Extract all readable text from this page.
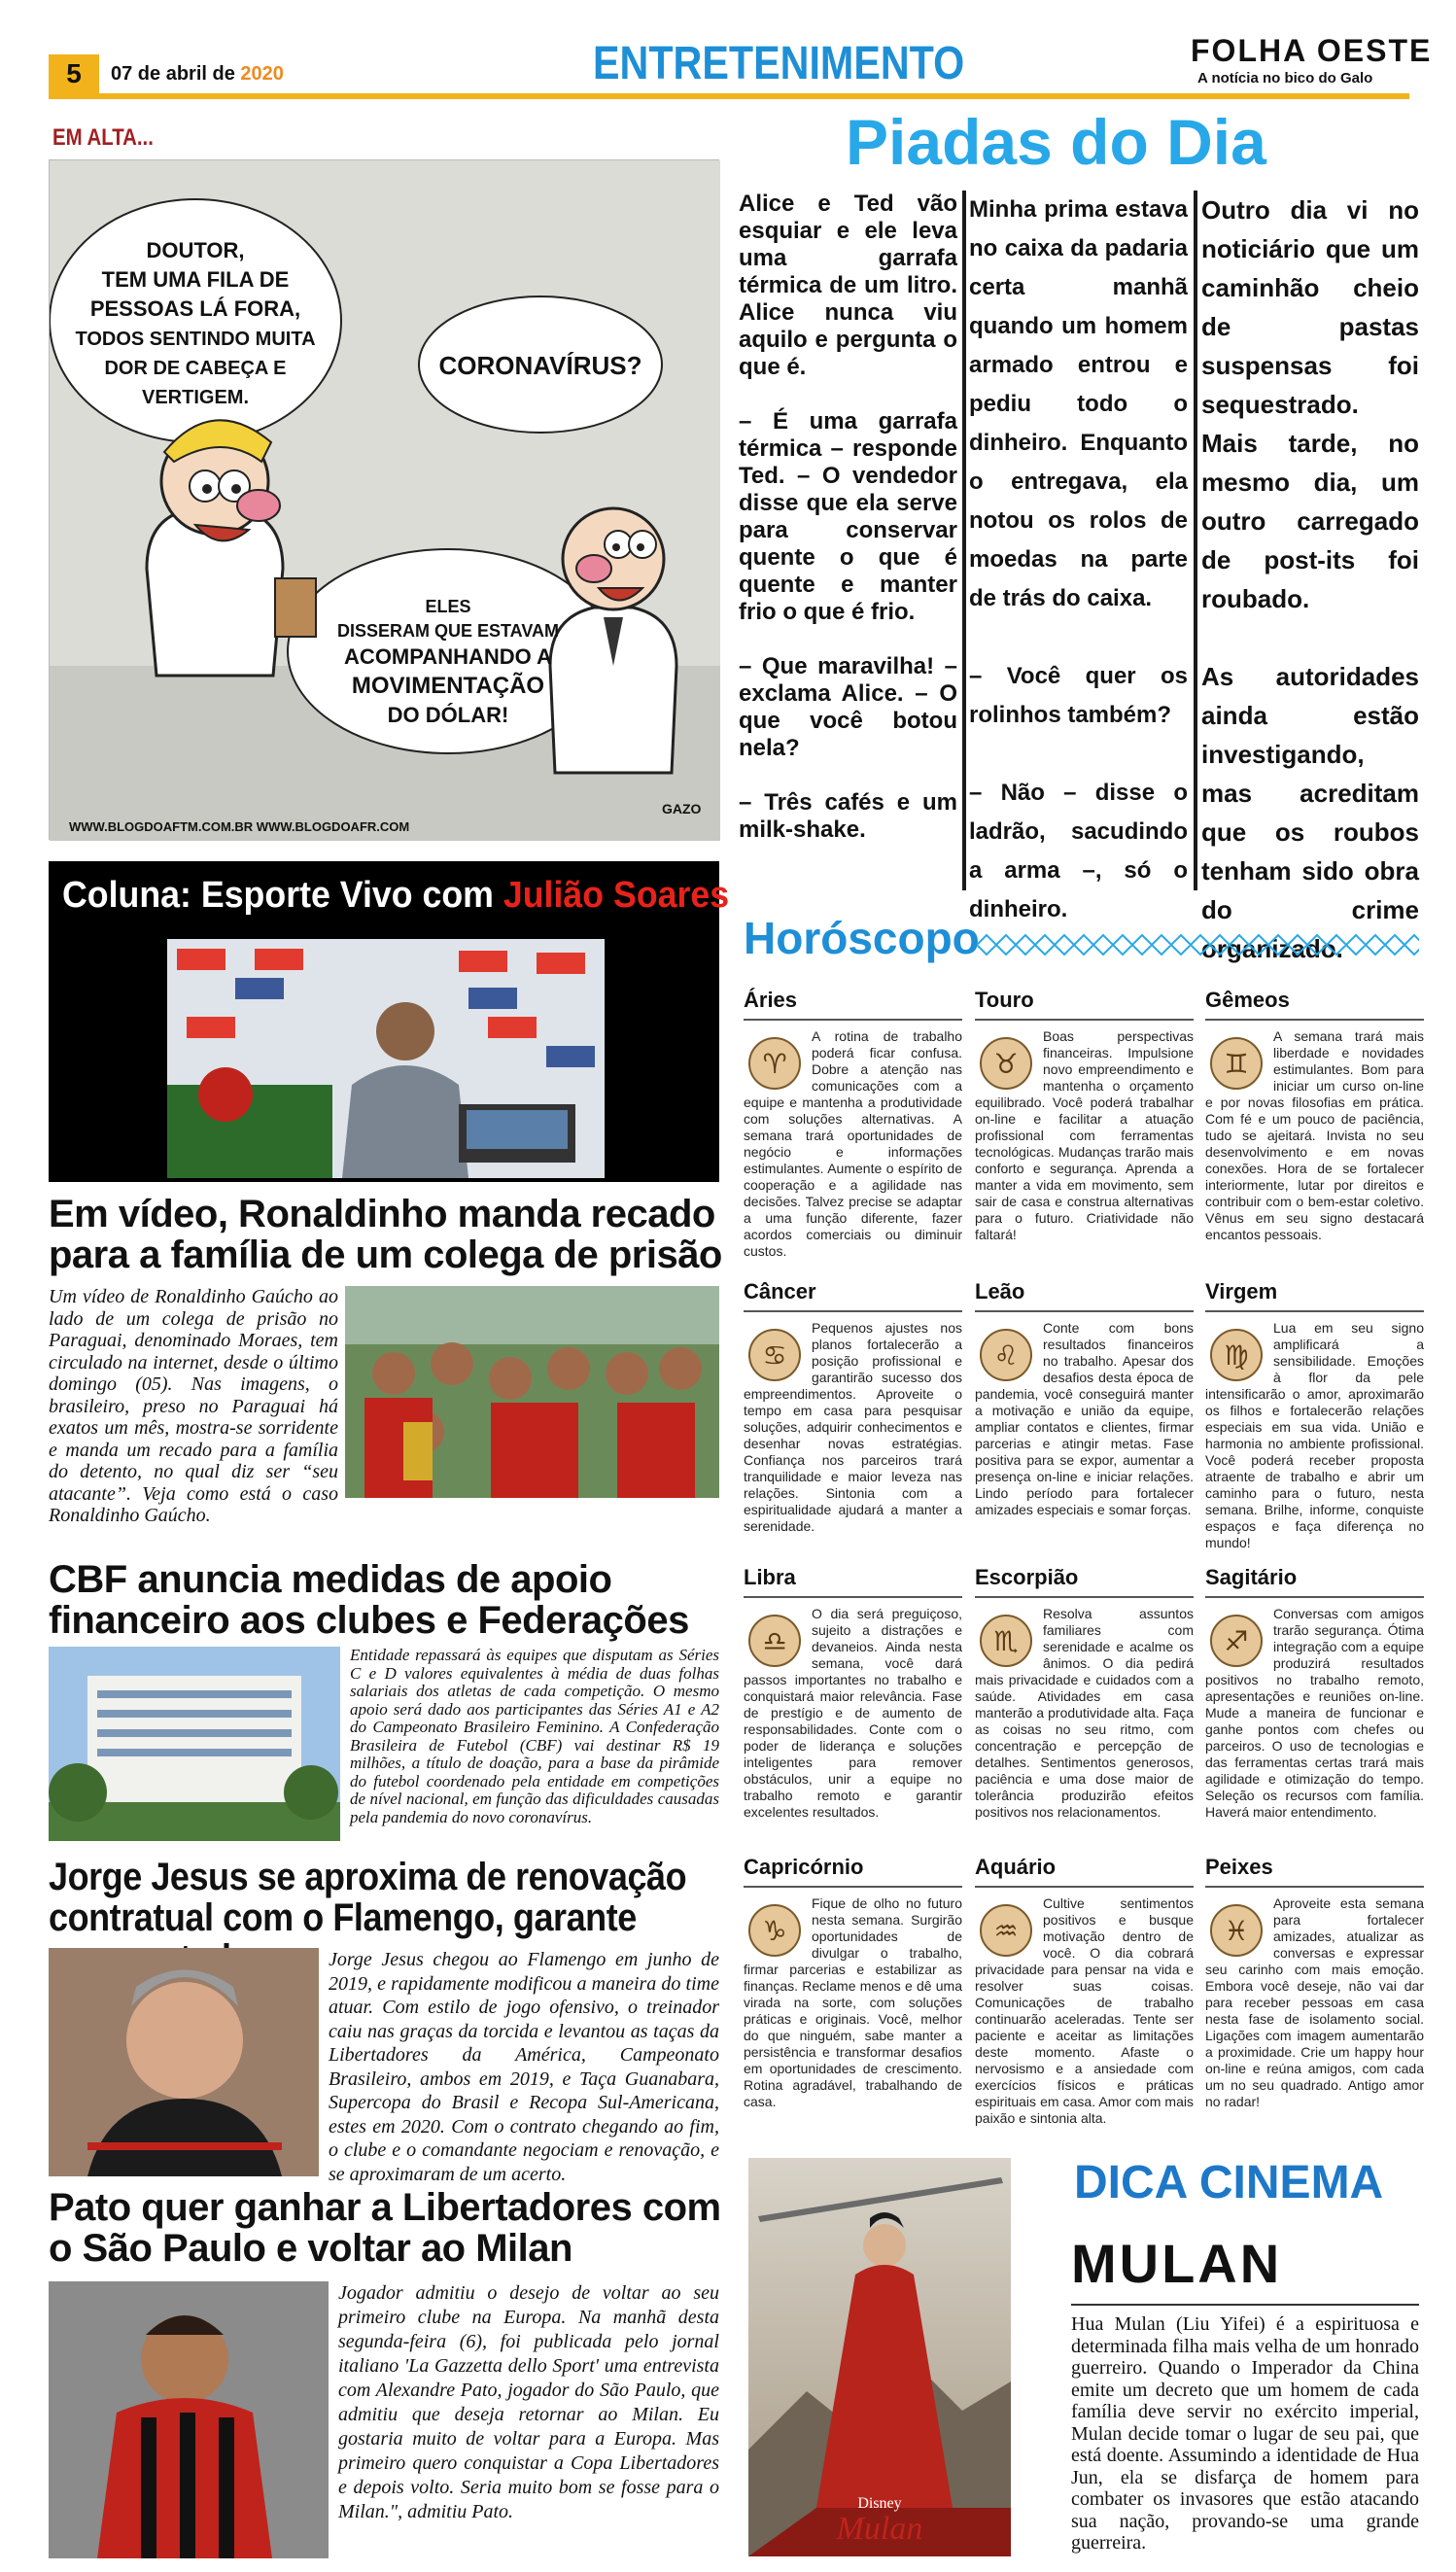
5	07 de abril de 2020	ENTRETENIMENTO	FOLHA OESTE
A notícia no bico do Galo
EM ALTA...
DOUTOR,
TEM UMA FILA DE
PESSOAS LÁ FORA,
TODOS SENTINDO MUITA
DOR DE CABEÇA E
VERTIGEM.
CORONAVÍRUS?
ELES
DISSERAM QUE ESTAVAM
ACOMPANHANDO A
MOVIMENTAÇÃO
DO DÓLAR!
WWW.BLOGDOAFTM.COM.BR WWW.BLOGDOAFR.COM
GAZO
Piadas do Dia

Alice e Ted vão esquiar e ele leva uma garrafa térmica de um litro. Alice nunca viu aquilo e pergunta o que é.

– É uma garrafa térmica – responde Ted. – O vendedor disse que ela serve para conservar quente o que é quente e manter frio o que é frio.

– Que maravilha! – exclama Alice. – O que você botou nela?

– Três cafés e um milk-shake.

Minha prima estava no caixa da padaria certa manhã quando um homem armado entrou e pediu todo o dinheiro. Enquanto o entregava, ela notou os rolos de moedas na parte de trás do caixa.

– Você quer os rolinhos também?

– Não – disse o ladrão, sacudindo a arma –, só o dinheiro.

Outro dia vi no noticiário que um caminhão cheio de pastas suspensas foi sequestrado. Mais tarde, no mesmo dia, um outro carregado de post-its foi roubado.

As autoridades ainda estão investigando, mas acreditam que os roubos tenham sido obra do crime organizado.

Coluna: Esporte Vivo com Julião Soares
Em vídeo, Ronaldinho manda recado para a família de um colega de prisão
Um vídeo de Ronaldinho Gaúcho ao lado de um colega de prisão no Paraguai, denominado Moraes, tem circulado na internet, desde o último domingo (05). Nas imagens, o brasileiro, preso no Paraguai há exatos um mês, mostra-se sorridente e manda um recado para a família do detento, no qual diz ser “seu atacante”. Veja como está o caso Ronaldinho Gaúcho.
CBF anuncia medidas de apoio financeiro aos clubes e Federações
Entidade repassará às equipes que disputam as Séries C e D valores equivalentes à média de duas folhas salariais dos atletas de cada competição. O mesmo apoio será dado aos participantes das Séries A1 e A2 do Campeonato Brasileiro Feminino. A Confederação Brasileira de Futebol (CBF) vai destinar R$ 19 milhões, a título de doação, para a base da pirâmide do futebol coordenado pela entidade em competições de nível nacional, em função das dificuldades causadas pela pandemia do novo coronavírus.
Jorge Jesus se aproxima de renovação contratual com o Flamengo, garante
Jorge Jesus chegou ao Flamengo em junho de 2019, e rapidamente modificou a maneira do time atuar. Com estilo de jogo ofensivo, o treinador caiu nas graças da torcida e levantou as taças da Libertadores da América, Campeonato Brasileiro, ambos em 2019, e Taça Guanabara, Supercopa do Brasil e Recopa Sul-Americana, estes em 2020. Com o contrato chegando ao fim, o clube e o comandante negociam e renovação, e se aproximaram de um acerto.
Pato quer ganhar a Libertadores com o São Paulo e voltar ao Milan
Jogador admitiu o desejo de voltar ao seu primeiro clube na Europa. Na manhã desta segunda-feira (6), foi publicada pelo jornal italiano 'La Gazzetta dello Sport' uma entrevista com Alexandre Pato, jogador do São Paulo, que admitiu que deseja retornar ao Milan. Eu gostaria muito de voltar para a Europa. Mas primeiro quero conquistar a Copa Libertadores e depois volto. Seria muito bom se fosse para o Milan.", admitiu Pato.
Horóscopo
Áries
♈
A rotina de trabalho poderá ficar confusa. Dobre a atenção nas comunicações com a equipe e mantenha a produtividade com soluções alternativas. A semana trará oportunidades de negócio e informações estimulantes. Aumente o espírito de cooperação e a agilidade nas decisões. Talvez precise se adaptar a uma função diferente, fazer acordos comerciais ou diminuir custos.
Touro
♉
Boas perspectivas financeiras. Impulsione novo empreendimento e mantenha o orçamento equilibrado. Você poderá trabalhar on-line e facilitar a atuação profissional com ferramentas tecnológicas. Mudanças trarão mais conforto e segurança. Aprenda a manter a vida em movimento, sem sair de casa e construa alternativas para o futuro. Criatividade não faltará!
Gêmeos
♊
A semana trará mais liberdade e novidades estimulantes. Bom para iniciar um curso on-line e por novas filosofias em prática. Com fé e um pouco de paciência, tudo se ajeitará. Invista no seu desenvolvimento e em novas conexões. Hora de se fortalecer interiormente, lutar por direitos e contribuir com o bem-estar coletivo. Vênus em seu signo destacará encantos pessoais.
Câncer
♋
Pequenos ajustes nos planos fortalecerão a posição profissional e garantirão sucesso dos empreendimentos. Aproveite o tempo em casa para pesquisar soluções, adquirir conhecimentos e desenhar novas estratégias. Confiança nos parceiros trará tranquilidade e maior leveza nas relações. Sintonia com a espiritualidade ajudará a manter a serenidade.
Leão
♌
Conte com bons resultados financeiros no trabalho. Apesar dos desafios desta época de pandemia, você conseguirá manter a motivação e união da equipe, ampliar contatos e clientes, firmar parcerias e atingir metas. Fase positiva para se expor, aumentar a presença on-line e iniciar relações. Lindo período para fortalecer amizades especiais e somar forças.
Virgem
♍
Lua em seu signo amplificará a sensibilidade. Emoções à flor da pele intensificarão o amor, aproximarão os filhos e fortalecerão relações especiais em sua vida. União e harmonia no ambiente profissional. Você poderá receber proposta atraente de trabalho e abrir um caminho para o futuro, nesta semana. Brilhe, informe, conquiste espaços e faça diferença no mundo!
Libra
♎
O dia será preguiçoso, sujeito a distrações e devaneios. Ainda nesta semana, você dará passos importantes no trabalho e conquistará maior relevância. Fase de prestígio e de aumento de responsabilidades. Conte com o poder de liderança e soluções inteligentes para remover obstáculos, unir a equipe no trabalho remoto e garantir excelentes resultados.
Escorpião
♏
Resolva assuntos familiares com serenidade e acalme os ânimos. O dia pedirá mais privacidade e cuidados com a saúde. Atividades em casa manterão a produtividade alta. Faça as coisas no seu ritmo, com concentração e percepção de detalhes. Sentimentos generosos, paciência e uma dose maior de tolerância produzirão efeitos positivos nos relacionamentos.
Sagitário
♐
Conversas com amigos trarão segurança. Ótima integração com a equipe produzirá resultados positivos no trabalho remoto, apresentações e reuniões on-line. Mude a maneira de funcionar e ganhe pontos com chefes ou parceiros. O uso de tecnologias e das ferramentas certas trará mais agilidade e otimização do tempo. Seleção os recursos com família. Haverá maior entendimento.
Capricórnio
♑
Fique de olho no futuro nesta semana. Surgirão oportunidades de divulgar o trabalho, firmar parcerias e estabilizar as finanças. Reclame menos e dê uma virada na sorte, com soluções práticas e originais. Você, melhor do que ninguém, sabe manter a persistência e transformar desafios em oportunidades de crescimento. Rotina agradável, trabalhando de casa.
Aquário
♒
Cultive sentimentos positivos e busque motivação dentro de você. O dia cobrará privacidade para pensar na vida e resolver suas coisas. Comunicações de trabalho continuarão aceleradas. Tente ser paciente e aceitar as limitações deste momento. Afaste o nervosismo e a ansiedade com exercícios físicos e práticas espirituais em casa. Amor com mais paixão e sintonia alta.
Peixes
♓
Aproveite esta semana para fortalecer amizades, atualizar as conversas e expressar seu carinho com mais emoção. Embora você deseje, não vai dar para receber pessoas em casa nesta fase de isolamento social. Ligações com imagem aumentarão a proximidade. Crie um happy hour on-line e reúna amigos, com cada um no seu quadrado. Antigo amor no radar!
Disney
Mulan
DICA CINEMA
MULAN
Hua Mulan (Liu Yifei) é a espirituosa e determinada filha mais velha de um honrado guerreiro. Quando o Imperador da China emite um decreto que um homem de cada família deve servir no exército imperial, Mulan decide tomar o lugar de seu pai, que está doente. Assumindo a identidade de Hua Jun, ela se disfarça de homem para combater os invasores que estão atacando sua nação, provando-se uma grande guerreira.
